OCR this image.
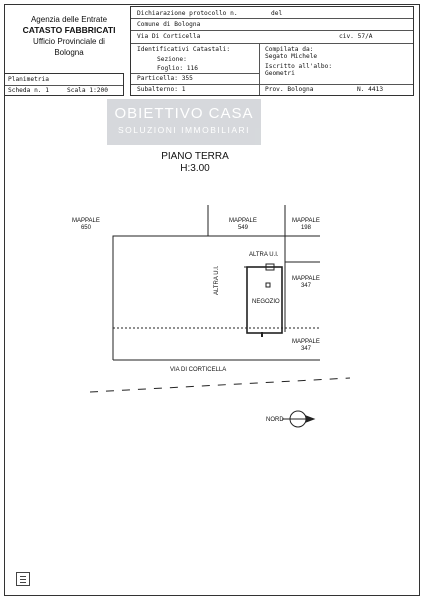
Agenzia delle Entrate
CATASTO FABBRICATI
Ufficio Provinciale di
Bologna
Dichiarazione protocollo n.	del
Comune di Bologna
Via Di Corticella	civ. 57/A
Identificativi Catastali:
Sezione:
Foglio: 116
Particella: 355
Subalterno: 1
Compilata da:
Segato Michele
Iscritto all'albo:
Geometri
Prov. Bologna	N. 4413
Planimetria
Scheda n. 1	Scala 1:200
OBIETTIVO CASA
SOLUZIONI IMMOBILIARI
PIANO TERRA
H:3.00
MAPPALE
650
MAPPALE
549
MAPPALE
198
ALTRA U.I.
MAPPALE
347
ALTRA U.I.
NEGOZIO
MAPPALE
347
VIA DI CORTICELLA
NORD
